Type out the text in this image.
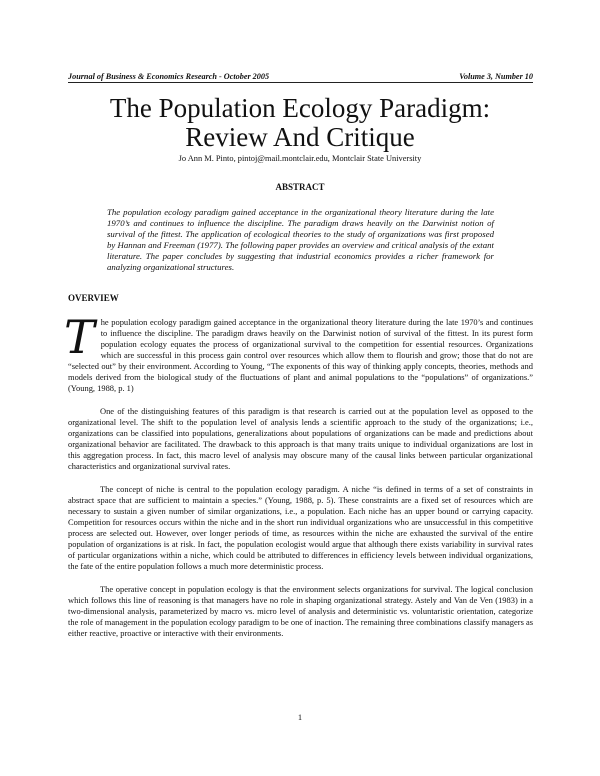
Journal of Business & Economics Research - October 2005	Volume 3, Number 10
The Population Ecology Paradigm:
Review And Critique
Jo Ann M. Pinto, pintoj@mail.montclair.edu, Montclair State University
ABSTRACT
The population ecology paradigm gained acceptance in the organizational theory literature during the late 1970’s and continues to influence the discipline. The paradigm draws heavily on the Darwinist notion of survival of the fittest. The application of ecological theories to the study of organizations was first proposed by Hannan and Freeman (1977). The following paper provides an overview and critical analysis of the extant literature. The paper concludes by suggesting that industrial economics provides a richer framework for analyzing organizational structures.
OVERVIEW

The population ecology paradigm gained acceptance in the organizational theory literature during the late 1970’s and continues to influence the discipline. The paradigm draws heavily on the Darwinist notion of survival of the fittest. In its purest form population ecology equates the process of organizational survival to the competition for essential resources. Organizations which are successful in this process gain control over resources which allow them to flourish and grow; those that do not are “selected out” by their environment. According to Young, “The exponents of this way of thinking apply concepts, theories, methods and models derived from the biological study of the fluctuations of plant and animal populations to the “populations” of organizations.” (Young, 1988, p. 1)

One of the distinguishing features of this paradigm is that research is carried out at the population level as opposed to the organizational level. The shift to the population level of analysis lends a scientific approach to the study of the organizations; i.e., organizations can be classified into populations, generalizations about populations of organizations can be made and predictions about organizational behavior are facilitated. The drawback to this approach is that many traits unique to individual organizations are lost in this aggregation process. In fact, this macro level of analysis may obscure many of the causal links between particular organizational characteristics and organizational survival rates.

The concept of niche is central to the population ecology paradigm. A niche “is defined in terms of a set of constraints in abstract space that are sufficient to maintain a species.” (Young, 1988, p. 5). These constraints are a fixed set of resources which are necessary to sustain a given number of similar organizations, i.e., a population. Each niche has an upper bound or carrying capacity. Competition for resources occurs within the niche and in the short run individual organizations who are unsuccessful in this competitive process are selected out. However, over longer periods of time, as resources within the niche are exhausted the survival of the entire population of organizations is at risk. In fact, the population ecologist would argue that although there exists variability in survival rates of particular organizations within a niche, which could be attributed to differences in efficiency levels between individual organizations, the fate of the entire population follows a much more deterministic process.

The operative concept in population ecology is that the environment selects organizations for survival. The logical conclusion which follows this line of reasoning is that managers have no role in shaping organizational strategy. Astely and Van de Ven (1983) in a two-dimensional analysis, parameterized by macro vs. micro level of analysis and deterministic vs. voluntaristic orientation, categorize the role of management in the population ecology paradigm to be one of inaction. The remaining three combinations classify managers as either reactive, proactive or interactive with their environments.

1
